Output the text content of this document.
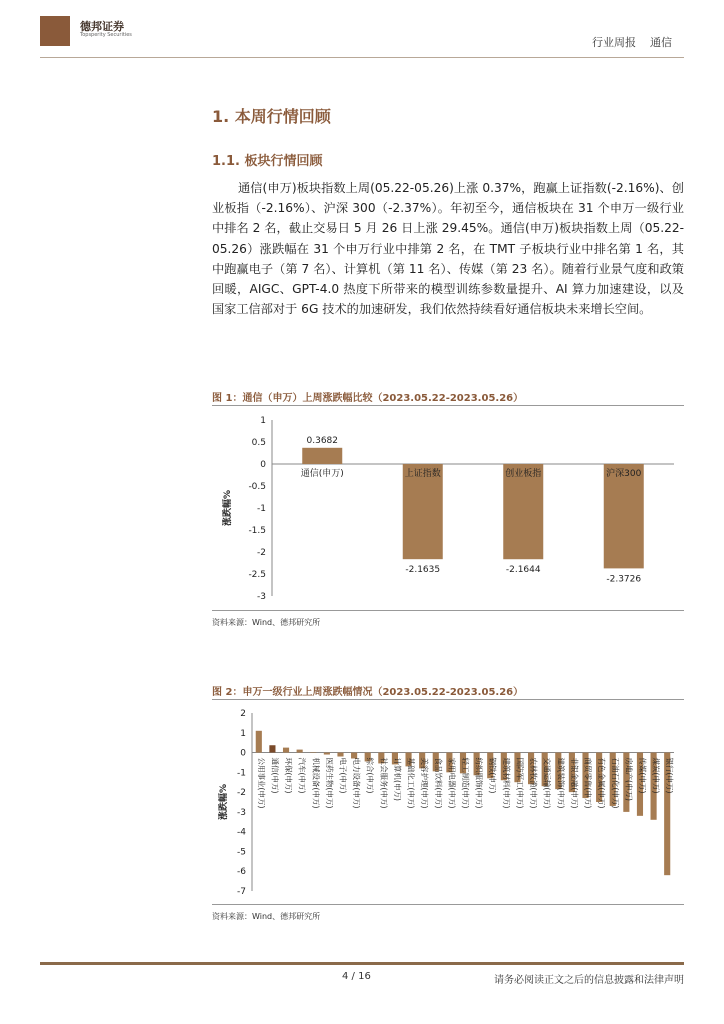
德邦证券
Topsperity Securities
行业周报 通信
1. 本周行情回顾
1.1. 板块行情回顾
通信(申万)板块指数上周(05.22-05.26)上涨 0.37%，跑赢上证指数(-2.16%)、创业板指（-2.16%）、沪深 300（-2.37%）。年初至今，通信板块在 31 个申万一级行业中排名 2 名，截止交易日 5 月 26 日上涨 29.45%。通信(申万)板块指数上周（05.22-05.26）涨跌幅在 31 个申万行业中排第 2 名，在 TMT 子板块行业中排名第 1 名，其中跑赢电子（第 7 名）、计算机（第 11 名）、传媒（第 23 名）。随着行业景气度和政策回暖，AIGC、GPT-4.0 热度下所带来的模型训练参数量提升、AI 算力加速建设，以及国家工信部对于 6G 技术的加速研发，我们依然持续看好通信板块未来增长空间。
图 1：通信（申万）上周涨跌幅比较（2023.05.22-2023.05.26）
1
0.5
0
-0.5
-1
-1.5
-2
-2.5
-3
涨跌幅%
0.3682
通信(申万)
-2.1635
上证指数
-2.1644
创业板指
-2.3726
沪深300
资料来源：Wind、德邦研究所
图 2：申万一级行业上周涨跌幅情况（2023.05.22-2023.05.26）
2
1
0
-1
-2
-3
-4
-5
-6
-7
涨跌幅%	公用事业(申万) 通信(申万) 环保(申万) 汽车(申万) 机械设备(申万) 医药生物(申万) 电子(申万) 电力设备(申万) 综合(申万) 社会服务(申万) 计算机(申万) 基础化工(申万) 美容护理(申万) 食品饮料(申万) 家用电器(申万) 轻工制造(申万) 纺织服饰(申万) 钢铁(申万) 建筑材料(申万) 国防军工(申万) 农林牧渔(申万) 交通运输(申万) 建筑装饰(申万) 非银金融(申万) 商贸零售(申万) 有色金属(申万) 石油石化(申万) 房地产(申万) 传媒(申万) 煤炭(申万) 银行(申万)
资料来源：Wind、德邦研究所
4 / 16	请务必阅读正文之后的信息披露和法律声明
